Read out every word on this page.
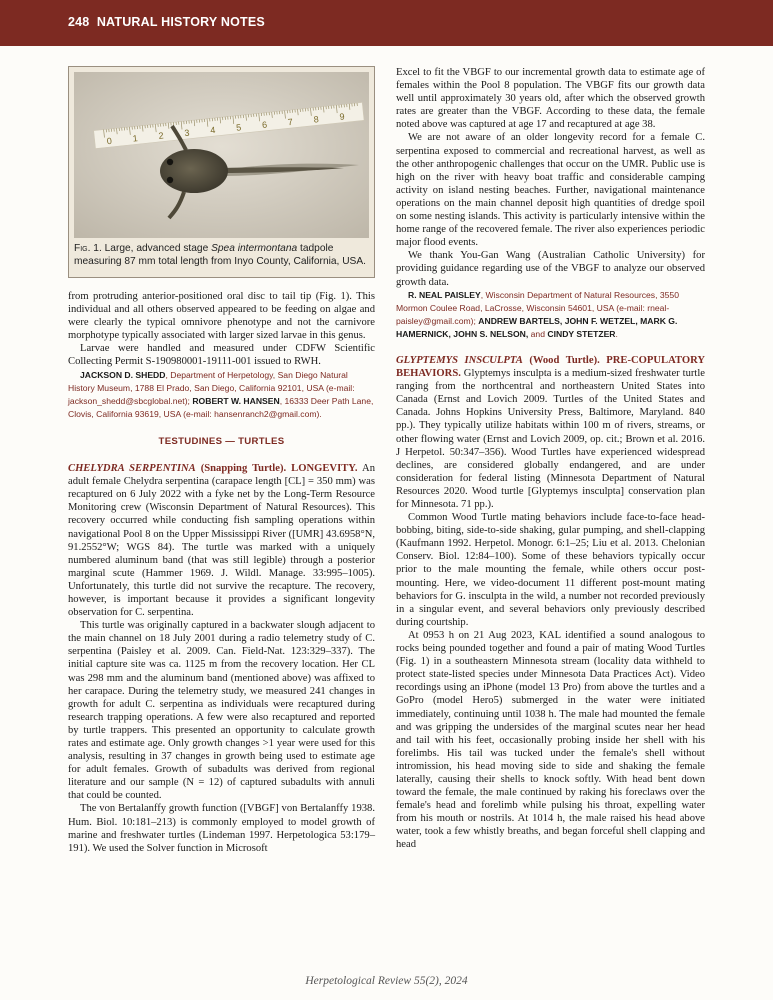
248 NATURAL HISTORY NOTES
0 1 2 3 4 5 6 7 8 9
Fig. 1. Large, advanced stage Spea intermontana tadpole measuring 87 mm total length from Inyo County, California, USA.

from protruding anterior-positioned oral disc to tail tip (Fig. 1). This individual and all others observed appeared to be feeding on algae and were clearly the typical omnivore phenotype and not the carnivore morphotype typically associated with larger sized larvae in this genus.

Larvae were handled and measured under CDFW Scientific Collecting Permit S-190980001-19111-001 issued to RWH.

JACKSON D. SHEDD, Department of Herpetology, San Diego Natural History Museum, 1788 El Prado, San Diego, California 92101, USA (e-mail: jackson_shedd@sbcglobal.net); ROBERT W. HANSEN, 16333 Deer Path Lane, Clovis, California 93619, USA (e-mail: hansenranch2@gmail.com).

TESTUDINES — TURTLES

CHELYDRA SERPENTINA (Snapping Turtle). LONGEVITY. An adult female Chelydra serpentina (carapace length [CL] = 350 mm) was recaptured on 6 July 2022 with a fyke net by the Long-Term Resource Monitoring crew (Wisconsin Department of Natural Resources). This recovery occurred while conducting fish sampling operations within navigational Pool 8 on the Upper Mississippi River ([UMR] 43.6958°N, 91.2552°W; WGS 84). The turtle was marked with a uniquely numbered aluminum band (that was still legible) through a posterior marginal scute (Hammer 1969. J. Wildl. Manage. 33:995–1005). Unfortunately, this turtle did not survive the recapture. The recovery, however, is important because it provides a significant longevity observation for C. serpentina.

This turtle was originally captured in a backwater slough adjacent to the main channel on 18 July 2001 during a radio telemetry study of C. serpentina (Paisley et al. 2009. Can. Field-Nat. 123:329–337). The initial capture site was ca. 1125 m from the recovery location. Her CL was 298 mm and the aluminum band (mentioned above) was affixed to her carapace. During the telemetry study, we measured 241 changes in growth for adult C. serpentina as individuals were recaptured during research trapping operations. A few were also recaptured and reported by turtle trappers. This presented an opportunity to calculate growth rates and estimate age. Only growth changes >1 year were used for this analysis, resulting in 37 changes in growth being used to estimate age for adult females. Growth of subadults was derived from regional literature and our sample (N = 12) of captured subadults with annuli that could be counted.

The von Bertalanffy growth function ([VBGF] von Bertalanffy 1938. Hum. Biol. 10:181–213) is commonly employed to model growth of marine and freshwater turtles (Lindeman 1997. Herpetologica 53:179–191). We used the Solver function in Microsoft

Excel to fit the VBGF to our incremental growth data to estimate age of females within the Pool 8 population. The VBGF fits our growth data well until approximately 30 years old, after which the observed growth rates are greater than the VBGF. According to these data, the female noted above was captured at age 17 and recaptured at age 38.

We are not aware of an older longevity record for a female C. serpentina exposed to commercial and recreational harvest, as well as the other anthropogenic challenges that occur on the UMR. Public use is high on the river with heavy boat traffic and considerable camping activity on island nesting beaches. Further, navigational maintenance operations on the main channel deposit high quantities of dredge spoil on some nesting islands. This activity is particularly intensive within the home range of the recovered female. The river also experiences periodic major flood events.

We thank You-Gan Wang (Australian Catholic University) for providing guidance regarding use of the VBGF to analyze our observed growth data.

R. NEAL PAISLEY, Wisconsin Department of Natural Resources, 3550 Mormon Coulee Road, LaCrosse, Wisconsin 54601, USA (e-mail: rneal-paisley@gmail.com); ANDREW BARTELS, JOHN F. WETZEL, MARK G. HAMERNICK, JOHN S. NELSON, and CINDY STETZER.

GLYPTEMYS INSCULPTA (Wood Turtle). PRE-COPULATORY BEHAVIORS. Glyptemys insculpta is a medium-sized freshwater turtle ranging from the northcentral and northeastern United States into Canada (Ernst and Lovich 2009. Turtles of the United States and Canada. Johns Hopkins University Press, Baltimore, Maryland. 840 pp.). They typically utilize habitats within 100 m of rivers, streams, or other flowing water (Ernst and Lovich 2009, op. cit.; Brown et al. 2016. J Herpetol. 50:347–356). Wood Turtles have experienced widespread declines, are considered globally endangered, and are under consideration for federal listing (Minnesota Department of Natural Resources 2020. Wood turtle [Glyptemys insculpta] conservation plan for Minnesota. 71 pp.).

Common Wood Turtle mating behaviors include face-to-face head-bobbing, biting, side-to-side shaking, gular pumping, and shell-clapping (Kaufmann 1992. Herpetol. Monogr. 6:1–25; Liu et al. 2013. Chelonian Conserv. Biol. 12:84–100). Some of these behaviors typically occur prior to the male mounting the female, while others occur post-mounting. Here, we video-document 11 different post-mount mating behaviors for G. insculpta in the wild, a number not recorded previously in a singular event, and several behaviors only previously described during courtship.

At 0953 h on 21 Aug 2023, KAL identified a sound analogous to rocks being pounded together and found a pair of mating Wood Turtles (Fig. 1) in a southeastern Minnesota stream (locality data withheld to protect state-listed species under Minnesota Data Practices Act). Video recordings using an iPhone (model 13 Pro) from above the turtles and a GoPro (model Hero5) submerged in the water were initiated immediately, continuing until 1038 h. The male had mounted the female and was gripping the undersides of the marginal scutes near her head and tail with his feet, occasionally probing inside her shell with his forelimbs. His tail was tucked under the female's shell without intromission, his head moving side to side and shaking the female laterally, causing their shells to knock softly. With head bent down toward the female, the male continued by raking his foreclaws over the female's head and forelimb while pulsing his throat, expelling water from his mouth or nostrils. At 1014 h, the male raised his head above water, took a few whistly breaths, and began forceful shell clapping and head

Herpetological Review 55(2), 2024
